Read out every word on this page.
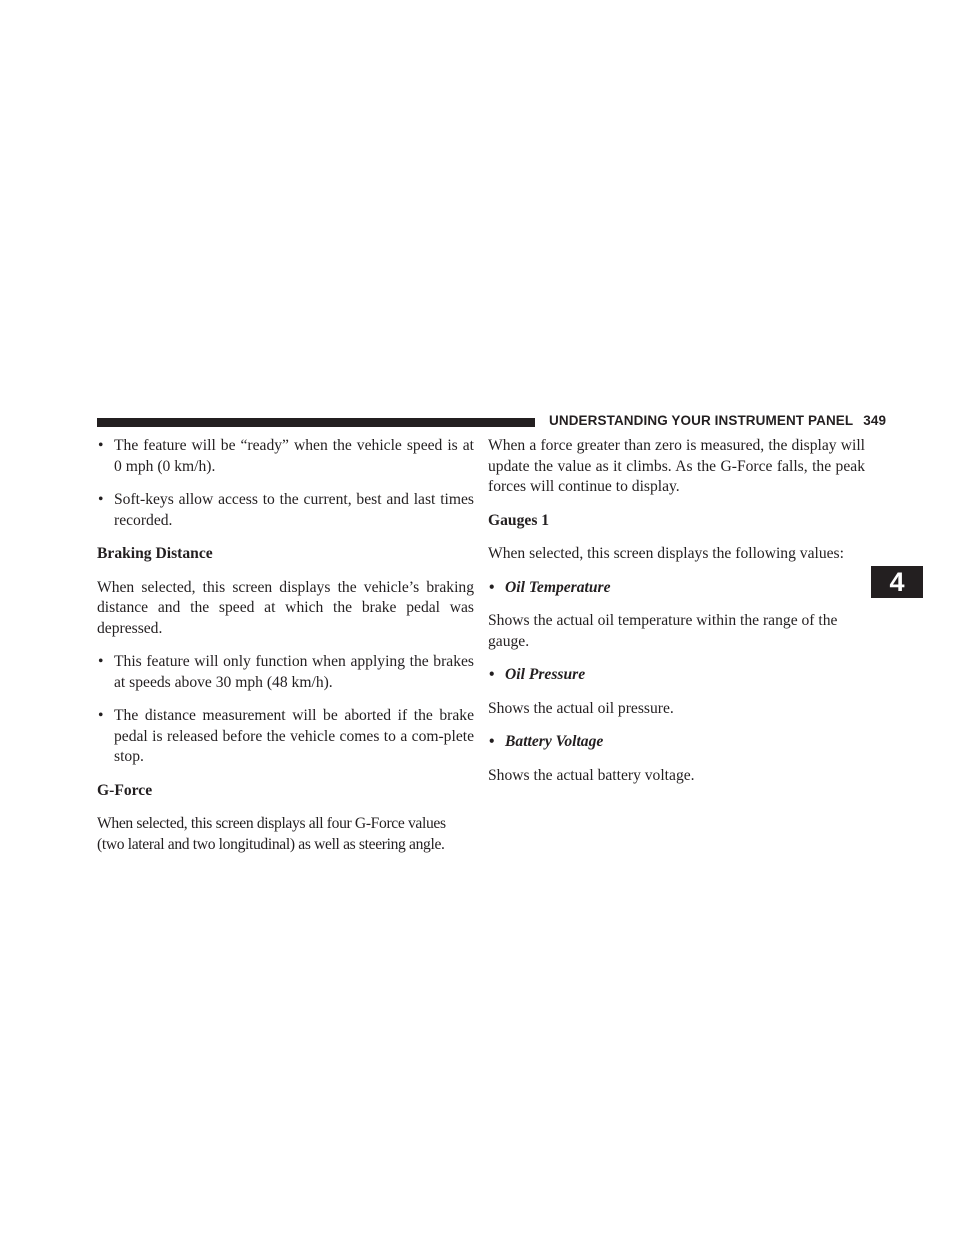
UNDERSTANDING YOUR INSTRUMENT PANEL 349
4
• The feature will be “ready” when the vehicle speed is at 0 mph (0 km/h).
• Soft-keys allow access to the current, best and last times recorded.
Braking Distance

When selected, this screen displays the vehicle’s braking distance and the speed at which the brake pedal was depressed.

• This feature will only function when applying the brakes at speeds above 30 mph (48 km/h).
• The distance measurement will be aborted if the brake pedal is released before the vehicle comes to a com-plete stop.
G-Force

When selected, this screen displays all four G-Force values (two lateral and two longitudinal) as well as steering angle.

When a force greater than zero is measured, the display will update the value as it climbs. As the G-Force falls, the peak forces will continue to display.

Gauges 1

When selected, this screen displays the following values:

• Oil Temperature

Shows the actual oil temperature within the range of the gauge.

• Oil Pressure

Shows the actual oil pressure.

• Battery Voltage

Shows the actual battery voltage.
